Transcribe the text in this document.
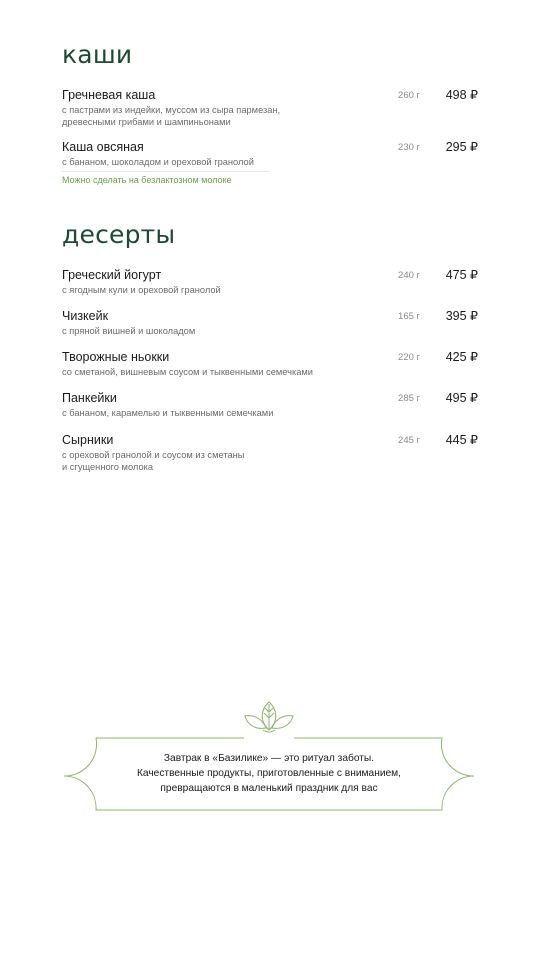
каши
Гречневая каша
с пастрами из индейки, муссом из сыра пармезан,
древесными грибами и шампиньонами
260 г 498 ₽
Каша овсяная
с бананом, шоколадом и ореховой гранолой
230 г 295 ₽
Можно сделать на безлактозном молоке
десерты
Греческий йогурт
с ягодным кули и ореховой гранолой
240 г 475 ₽
Чизкейк
с пряной вишней и шоколадом
165 г 395 ₽
Творожные ньокки
со сметаной, вишневым соусом и тыквенными семечками
220 г 425 ₽
Панкейки
с бананом, карамелью и тыквенными семечками
285 г 495 ₽
Сырники
с ореховой гранолой и соусом из сметаны
и сгущенного молока
245 г 445 ₽
Завтрак в «Базилике» — это ритуал заботы.
Качественные продукты, приготовленные с вниманием,
превращаются в маленький праздник для вас
